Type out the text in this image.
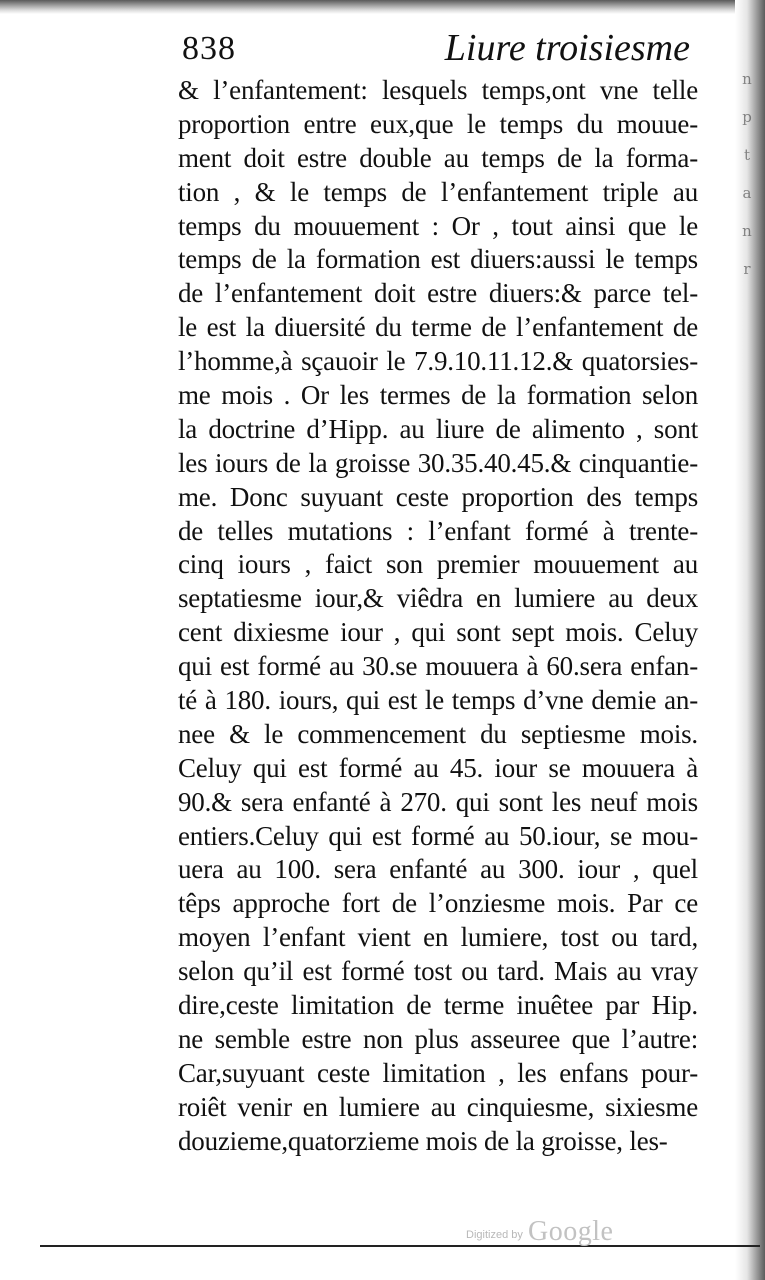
n
p
t
a
n
r
838	Liure troisiesme
& l’enfantement: lesquels temps,ont vne telle
proportion entre eux,que le temps du mouue-
ment doit estre double au temps de la forma-
tion , & le temps de l’enfantement triple au
temps du mouuement : Or , tout ainsi que le
temps de la formation est diuers:aussi le temps
de l’enfantement doit estre diuers:& parce tel-
le est la diuersité du terme de l’enfantement de
l’homme,à sçauoir le 7.9.10.11.12.& quatorsies-
me mois . Or les termes de la formation selon
la doctrine d’Hipp. au liure de alimento , sont
les iours de la groisse 30.35.40.45.& cinquantie-
me. Donc suyuant ceste proportion des temps
de telles mutations : l’enfant formé à trente-
cinq iours , faict son premier mouuement au
septatiesme iour,& viêdra en lumiere au deux
cent dixiesme iour , qui sont sept mois. Celuy
qui est formé au 30.se mouuera à 60.sera enfan-
té à 180. iours, qui est le temps d’vne demie an-
nee & le commencement du septiesme mois.
Celuy qui est formé au 45. iour se mouuera à
90.& sera enfanté à 270. qui sont les neuf mois
entiers.Celuy qui est formé au 50.iour, se mou-
uera au 100. sera enfanté au 300. iour , quel
têps approche fort de l’onziesme mois. Par ce
moyen l’enfant vient en lumiere, tost ou tard,
selon qu’il est formé tost ou tard. Mais au vray
dire,ceste limitation de terme inuêtee par Hip.
ne semble estre non plus asseuree que l’autre:
Car,suyuant ceste limitation , les enfans pour-
roiêt venir en lumiere au cinquiesme, sixiesme
douzieme,quatorzieme mois de la groisse, les-
Digitized by Google
